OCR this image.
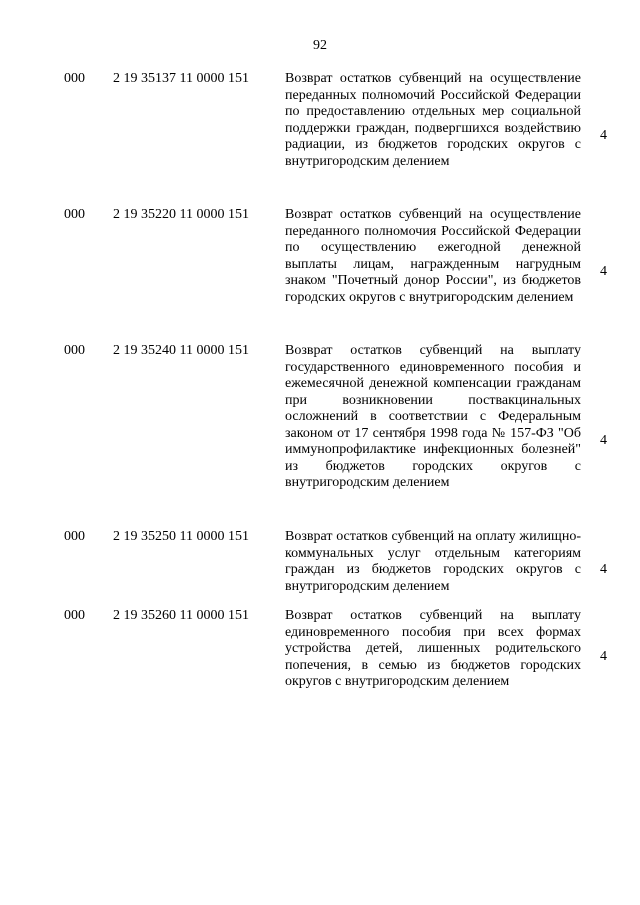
92
000 2 19 35137 11 0000 151	Возврат остатков субвенций на осуществление переданных полномочий Российской Федерации по предоставлению отдельных мер социальной поддержки граждан, подвергшихся воздействию радиации, из бюджетов городских округов с внутригородским делением
4
000 2 19 35220 11 0000 151	Возврат остатков субвенций на осуществление переданного полномочия Российской Федерации по осуществлению ежегодной денежной выплаты лицам, награжденным нагрудным знаком "Почетный донор России", из бюджетов городских округов с внутригородским делением
4
000 2 19 35240 11 0000 151	Возврат остатков субвенций на выплату государственного единовременного пособия и ежемесячной денежной компенсации гражданам при возникновении поствакцинальных осложнений в соответствии с Федеральным законом от 17 сентября 1998 года № 157-ФЗ "Об иммунопрофилактике инфекционных болезней" из бюджетов городских округов с внутригородским делением
4
000 2 19 35250 11 0000 151	Возврат остатков субвенций на оплату жилищно-коммунальных услуг отдельным категориям граждан из бюджетов городских округов с внутригородским делением
4
000 2 19 35260 11 0000 151	Возврат остатков субвенций на выплату единовременного пособия при всех формах устройства детей, лишенных родительского попечения, в семью из бюджетов городских округов с внутригородским делением
4
